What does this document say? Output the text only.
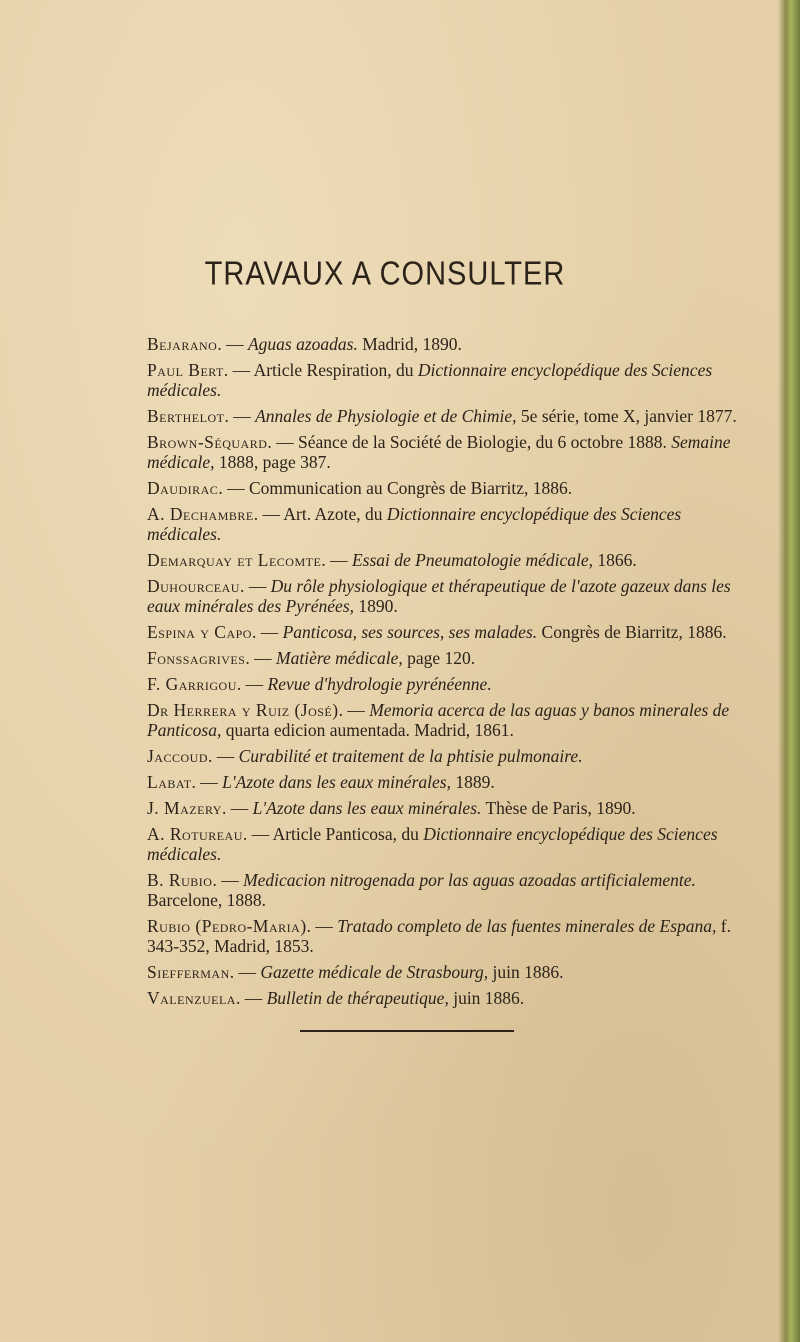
TRAVAUX A CONSULTER

Bejarano. — Aguas azoadas. Madrid, 1890.

Paul Bert. — Article Respiration, du Dictionnaire encyclopédique des Sciences médicales.

Berthelot. — Annales de Physiologie et de Chimie, 5e série, tome X, janvier 1877.

Brown-Séquard. — Séance de la Société de Biologie, du 6 octobre 1888. Semaine médicale, 1888, page 387.

Daudirac. — Communication au Congrès de Biarritz, 1886.

A. Dechambre. — Art. Azote, du Dictionnaire encyclopédique des Sciences médicales.

Demarquay et Lecomte. — Essai de Pneumatologie médicale, 1866.

Duhourceau. — Du rôle physiologique et thérapeutique de l'azote gazeux dans les eaux minérales des Pyrénées, 1890.

Espina y Capo. — Panticosa, ses sources, ses malades. Congrès de Biarritz, 1886.

Fonssagrives. — Matière médicale, page 120.

F. Garrigou. — Revue d'hydrologie pyrénéenne.

Dr Herrera y Ruiz (José). — Memoria acerca de las aguas y banos minerales de Panticosa, quarta edicion aumentada. Madrid, 1861.

Jaccoud. — Curabilité et traitement de la phtisie pulmonaire.

Labat. — L'Azote dans les eaux minérales, 1889.

J. Mazery. — L'Azote dans les eaux minérales. Thèse de Paris, 1890.

A. Rotureau. — Article Panticosa, du Dictionnaire encyclopédique des Sciences médicales.

B. Rubio. — Medicacion nitrogenada por las aguas azoadas artificialemente. Barcelone, 1888.

Rubio (Pedro-Maria). — Tratado completo de las fuentes minerales de Espana, f. 343-352, Madrid, 1853.

Siefferman. — Gazette médicale de Strasbourg, juin 1886.

Valenzuela. — Bulletin de thérapeutique, juin 1886.
